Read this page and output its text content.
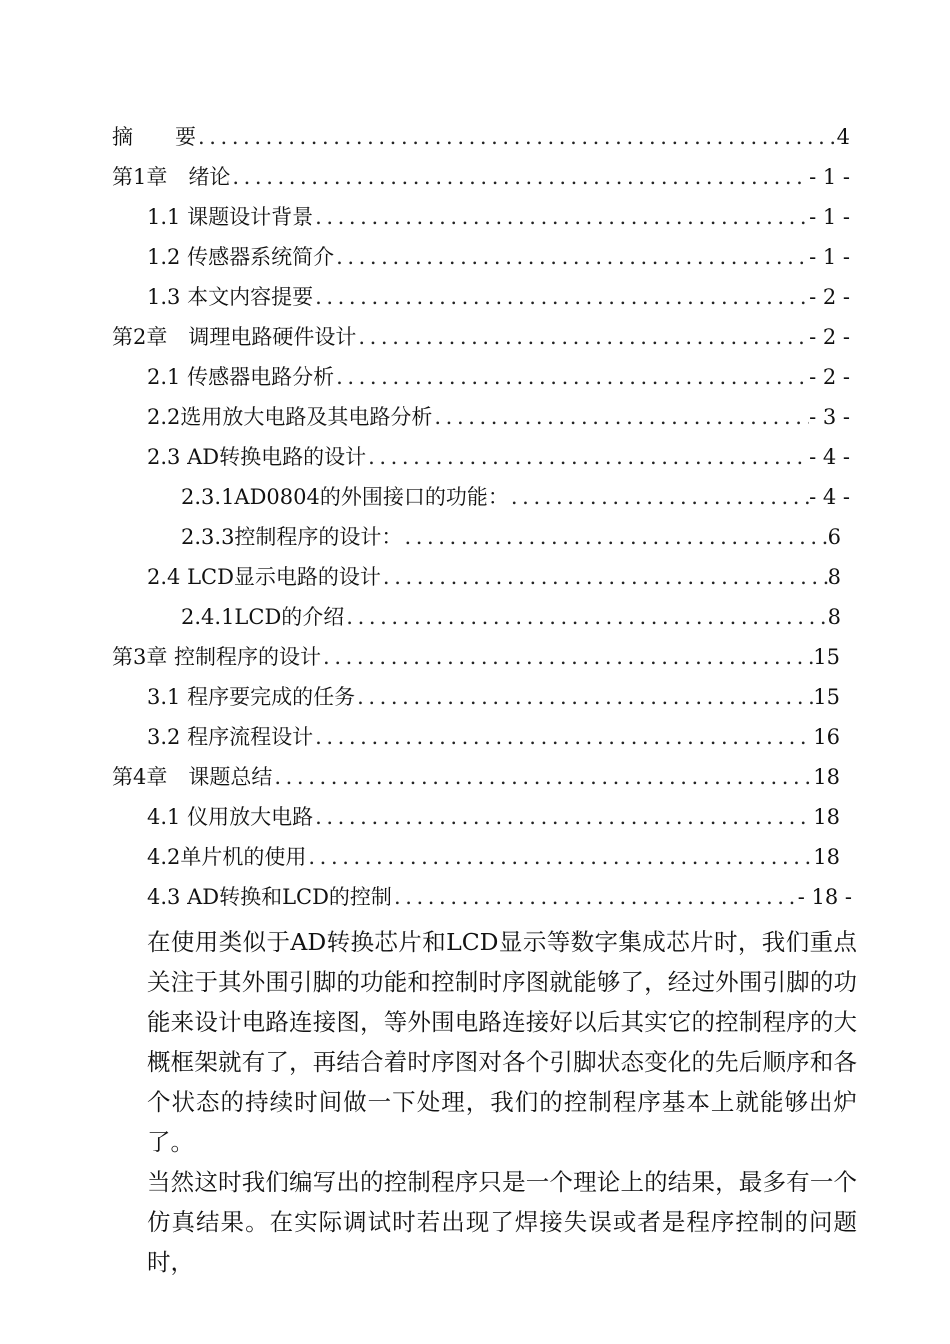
摘　　要 .....	4
第1章　绪论 .....	- 1 -
1.1 课题设计背景 .....	- 1 -
1.2 传感器系统简介 .....	- 1 -
1.3 本文内容提要 .....	- 2 -
第2章　调理电路硬件设计 .....	- 2 -
2.1 传感器电路分析 .....	- 2 -
2.2选用放大电路及其电路分析 .....	- 3 -
2.3 AD转换电路的设计 .....	- 4 -
2.3.1AD0804的外围接口的功能： .....	- 4 -
2.3.3控制程序的设计： .....	6
2.4 LCD显示电路的设计 .....	8
2.4.1LCD的介绍 .....	8
第3章 控制程序的设计 .....	15
3.1 程序要完成的任务 .....	15
3.2 程序流程设计 .....	16
第4章　课题总结 .....	18
4.1 仪用放大电路 .....	18
4.2单片机的使用 .....	18
4.3 AD转换和LCD的控制 .....	- 18 -

在使用类似于AD转换芯片和LCD显示等数字集成芯片时，我们重点关注于其外围引脚的功能和控制时序图就能够了，经过外围引脚的功能来设计电路连接图，等外围电路连接好以后其实它的控制程序的大概框架就有了，再结合着时序图对各个引脚状态变化的先后顺序和各个状态的持续时间做一下处理，我们的控制程序基本上就能够出炉了。

当然这时我们编写出的控制程序只是一个理论上的结果，最多有一个仿真结果。在实际调试时若出现了焊接失误或者是程序控制的问题时，
